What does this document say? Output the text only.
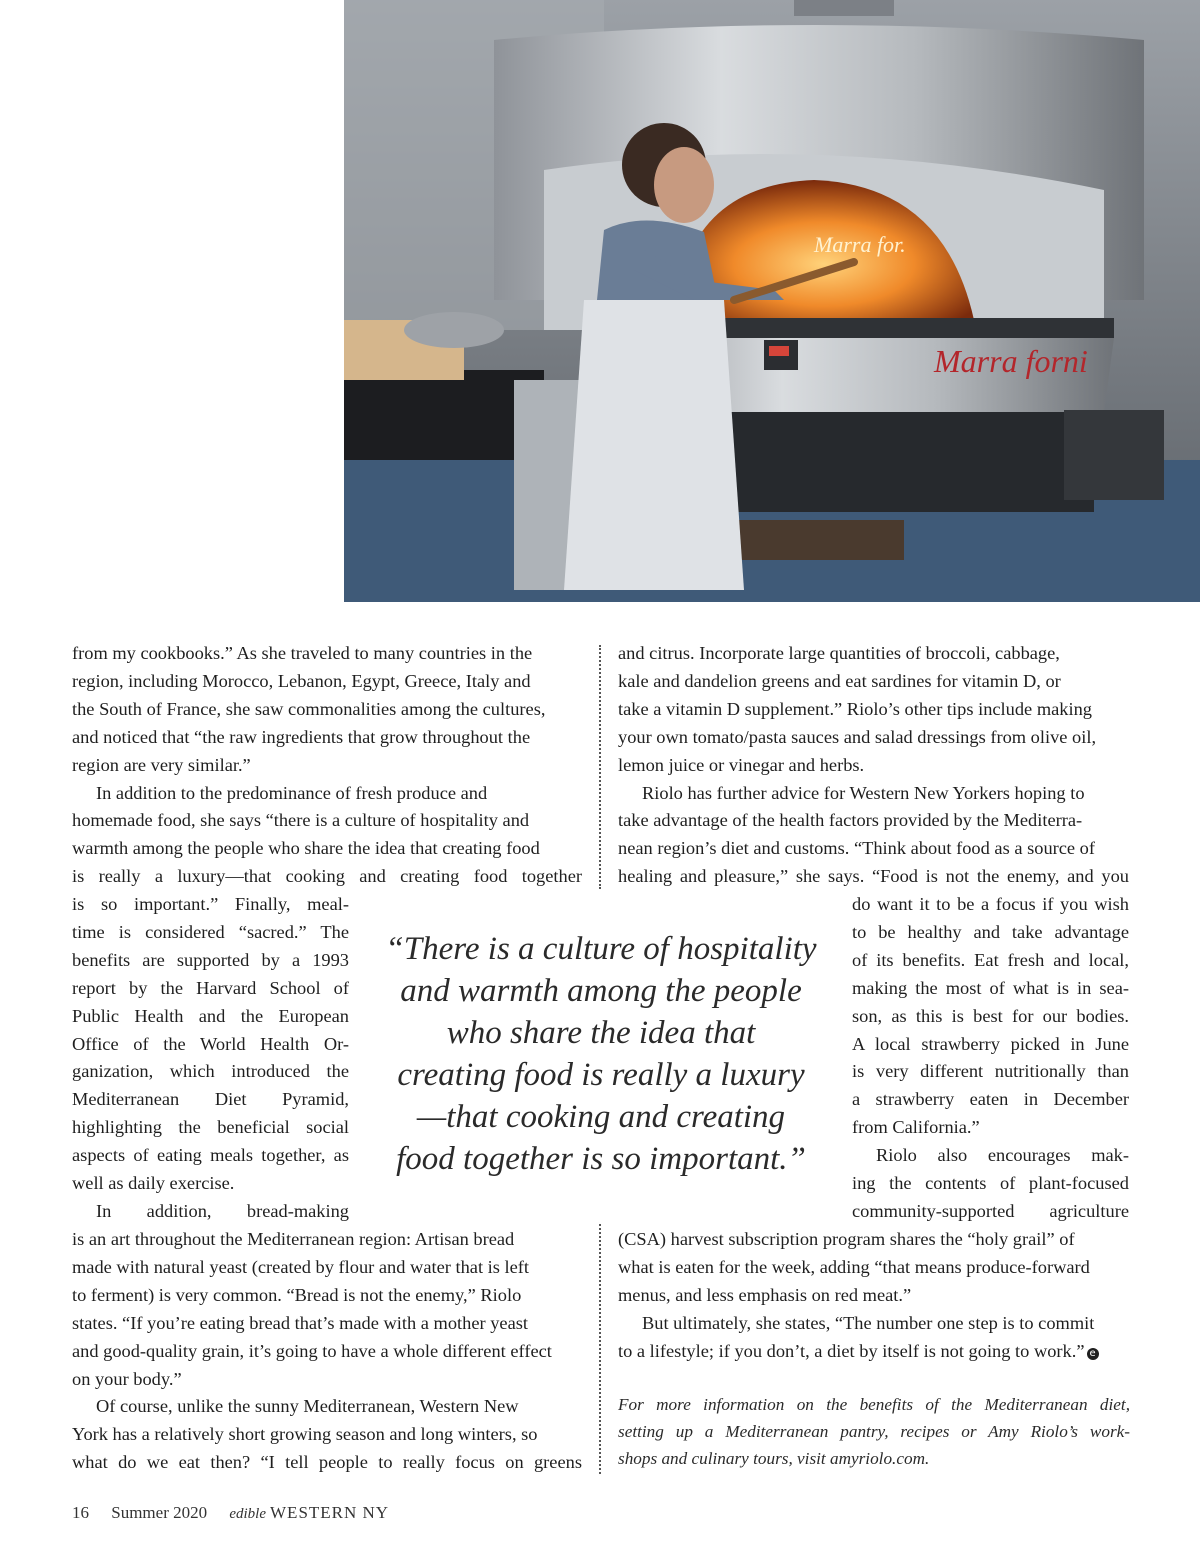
Marra forni
Marra for.

from my cookbooks.” As she traveled to many countries in the

region, including Morocco, Lebanon, Egypt, Greece, Italy and

the South of France, she saw commonalities among the cultures,

and noticed that “the raw ingredients that grow throughout the

region are very similar.”

In addition to the predominance of fresh produce and

homemade food, she says “there is a culture of hospitality and

warmth among the people who share the idea that creating food

is really a luxury—that cooking and creating food together

is so important.” Finally, meal-

time is considered “sacred.” The

benefits are supported by a 1993

report by the Harvard School of

Public Health and the European

Office of the World Health Or-

ganization, which introduced the

Mediterranean Diet Pyramid,

highlighting the beneficial social

aspects of eating meals together, as

well as daily exercise.

In addition, bread-making

is an art throughout the Mediterranean region: Artisan bread

made with natural yeast (created by flour and water that is left

to ferment) is very common. “Bread is not the enemy,” Riolo

states. “If you’re eating bread that’s made with a mother yeast

and good-quality grain, it’s going to have a whole different effect

on your body.”

Of course, unlike the sunny Mediterranean, Western New

York has a relatively short growing season and long winters, so

what do we eat then? “I tell people to really focus on greens

“There is a culture of hospitality
and warmth among the people
who share the idea that
creating food is really a luxury
—that cooking and creating
food together is so important.”

and citrus. Incorporate large quantities of broccoli, cabbage,

kale and dandelion greens and eat sardines for vitamin D, or

take a vitamin D supplement.” Riolo’s other tips include making

your own tomato/pasta sauces and salad dressings from olive oil,

lemon juice or vinegar and herbs.

Riolo has further advice for Western New Yorkers hoping to

take advantage of the health factors provided by the Mediterra-

nean region’s diet and customs. “Think about food as a source of

healing and pleasure,” she says. “Food is not the enemy, and you

do want it to be a focus if you wish

to be healthy and take advantage

of its benefits. Eat fresh and local,

making the most of what is in sea-

son, as this is best for our bodies.

A local strawberry picked in June

is very different nutritionally than

a strawberry eaten in December

from California.”

Riolo also encourages mak-

ing the contents of plant-focused

community-supported agriculture

(CSA) harvest subscription program shares the “holy grail” of

what is eaten for the week, adding “that means produce-forward

menus, and less emphasis on red meat.”

But ultimately, she states, “The number one step is to commit

to a lifestyle; if you don’t, a diet by itself is not going to work.” e

For more information on the benefits of the Mediterranean diet,
setting up a Mediterranean pantry, recipes or Amy Riolo’s work-
shops and culinary tours, visit amyriolo.com.
16 Summer 2020 edible WESTERN NY
